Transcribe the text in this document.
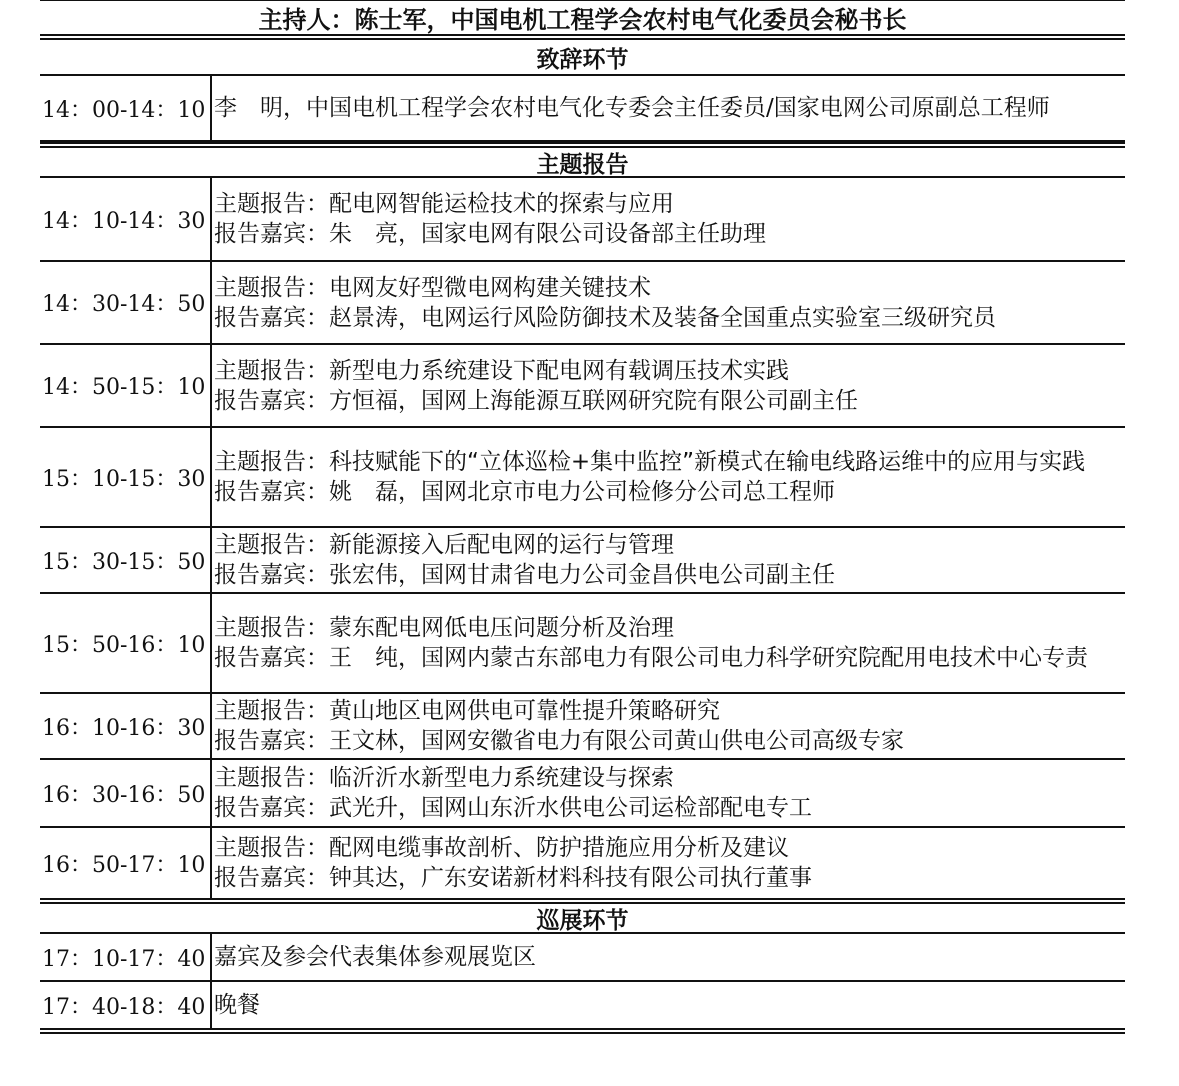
主持人：陈士军，中国电机工程学会农村电气化委员会秘书长
致辞环节
14：00-14：10 李　明，中国电机工程学会农村电气化专委会主任委员/国家电网公司原副总工程师
主题报告
14：10-14：30
主题报告：配电网智能运检技术的探索与应用
报告嘉宾：朱　亮，国家电网有限公司设备部主任助理
14：30-14：50
主题报告：电网友好型微电网构建关键技术
报告嘉宾：赵景涛，电网运行风险防御技术及装备全国重点实验室三级研究员
14：50-15：10
主题报告：新型电力系统建设下配电网有载调压技术实践
报告嘉宾：方恒福，国网上海能源互联网研究院有限公司副主任
15：10-15：30
主题报告：科技赋能下的“立体巡检+集中监控”新模式在输电线路运维中的应用与实践
报告嘉宾：姚　磊，国网北京市电力公司检修分公司总工程师
15：30-15：50
主题报告：新能源接入后配电网的运行与管理
报告嘉宾：张宏伟，国网甘肃省电力公司金昌供电公司副主任
15：50-16：10
主题报告：蒙东配电网低电压问题分析及治理
报告嘉宾：王　纯，国网内蒙古东部电力有限公司电力科学研究院配用电技术中心专责
16：10-16：30
主题报告：黄山地区电网供电可靠性提升策略研究
报告嘉宾：王文林，国网安徽省电力有限公司黄山供电公司高级专家
16：30-16：50
主题报告：临沂沂水新型电力系统建设与探索
报告嘉宾：武光升，国网山东沂水供电公司运检部配电专工
16：50-17：10
主题报告：配网电缆事故剖析、防护措施应用分析及建议
报告嘉宾：钟其达，广东安诺新材料科技有限公司执行董事
巡展环节
17：10-17：40 嘉宾及参会代表集体参观展览区
17：40-18：40 晚餐
